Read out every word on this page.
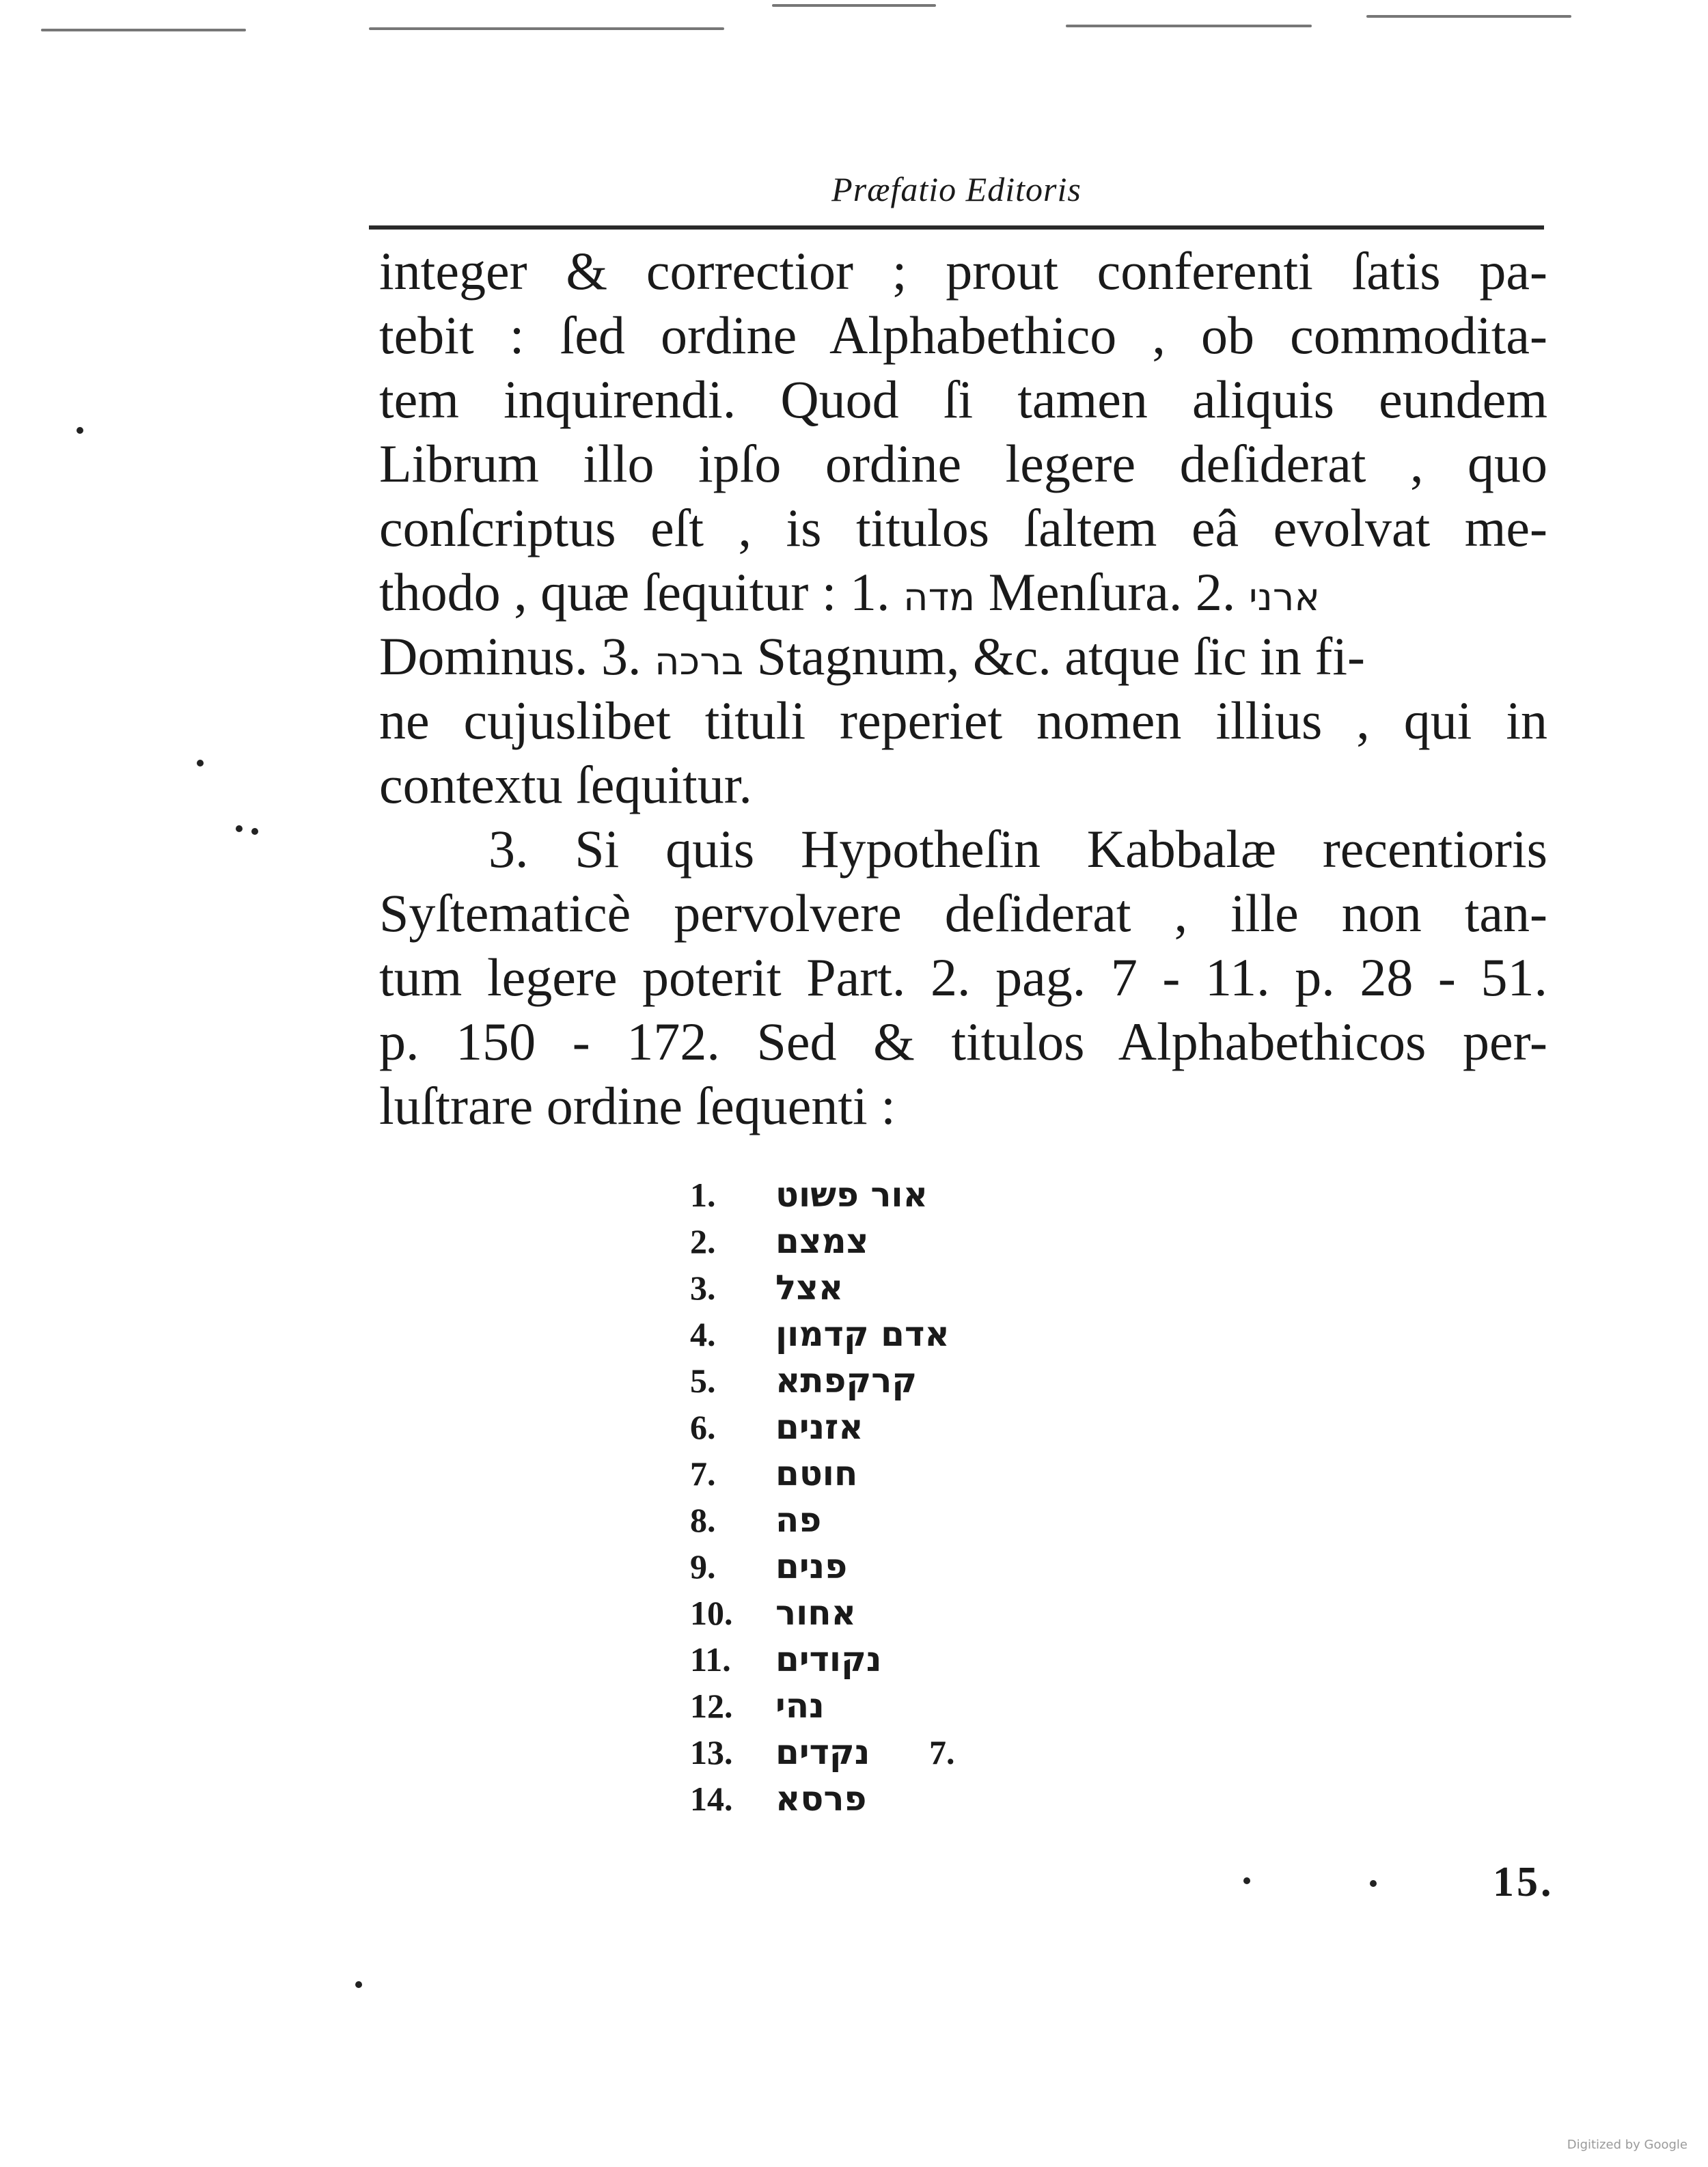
Præfatio Editoris
integer & correctior ; prout conferenti ſatis pa-
tebit : ſed ordine Alphabethico , ob commodita-
tem inquirendi. Quod ſi tamen aliquis eundem
Librum illo ipſo ordine legere deſiderat , quo
conſcriptus eſt , is titulos ſaltem eâ evolvat me-
thodo , quæ ſequitur : 1. מדה Menſura. 2. ארני
Dominus. 3. ברכה Stagnum, &c. atque ſic in fi-
ne cujuslibet tituli reperiet nomen illius , qui in
contextu ſequitur.
3. Si quis Hypotheſin Kabbalæ recentioris
Syſtematicè pervolvere deſiderat , ille non tan-
tum legere poterit Part. 2. pag. 7 - 11. p. 28 - 51.
p. 150 - 172. Sed & titulos Alphabethicos per-
luſtrare ordine ſequenti :
1.	אור פשוט
2.	צמצם
3.	אצל
4.	אדם קדמון
5.	קרקפתא
6.	אזנים
7.	חוטם
8.	פה
9.	פנים
10.	אחור
11.	נקודים
12.	נהי
13.	נקדים 7.
14.	פרסא
15.
Digitized by Google
